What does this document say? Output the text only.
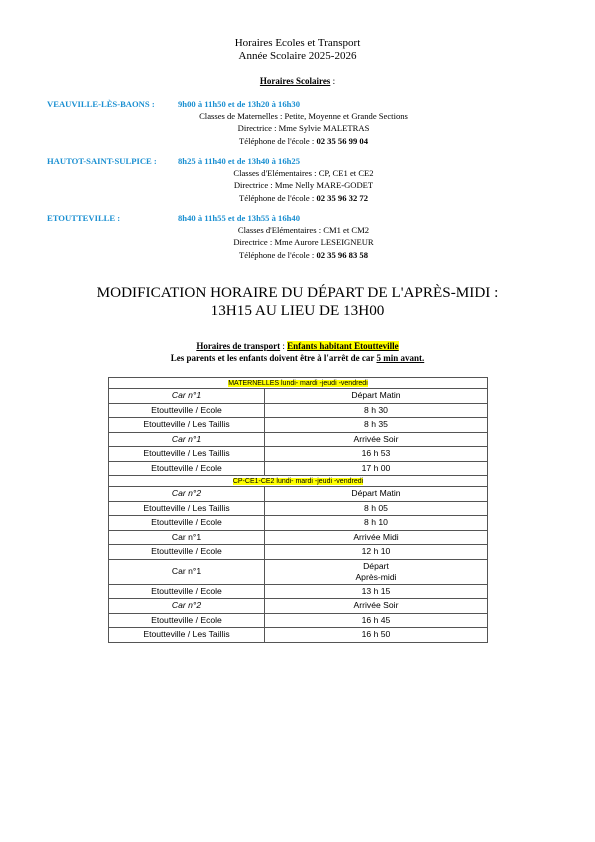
Horaires Ecoles et Transport
Année Scolaire 2025-2026
Horaires Scolaires :
VEAUVILLE-LÈS-BAONS :	9h00 à 11h50 et de 13h20 à 16h30
Classes de Maternelles : Petite, Moyenne et Grande Sections
Directrice : Mme Sylvie MALETRAS
Téléphone de l'école : 02 35 56 99 04
HAUTOT-SAINT-SULPICE : 8h25 à 11h40 et de 13h40 à 16h25
Classes d'Elémentaires : CP, CE1 et CE2
Directrice : Mme Nelly MARE-GODET
Téléphone de l'école : 02 35 96 32 72
ETOUTTEVILLE :	8h40 à 11h55 et de 13h55 à 16h40
Classes d'Elémentaires : CM1 et CM2
Directrice : Mme Aurore LESEIGNEUR
Téléphone de l'école : 02 35 96 83 58
MODIFICATION HORAIRE DU DÉPART DE L'APRÈS-MIDI :
13H15 AU LIEU DE 13H00
Horaires de transport : Enfants habitant Etoutteville
Les parents et les enfants doivent être à l'arrêt de car 5 min avant.
MATERNELLES lundi- mardi -jeudi -vendredi	
Car n°1	Départ Matin
Etoutteville / Ecole	8 h 30
Etoutteville / Les Taillis	8 h 35
Car n°1	Arrivée Soir
Etoutteville / Les Taillis	16 h 53
Etoutteville / Ecole	17 h 00
CP-CE1-CE2 lundi- mardi -jeudi -vendredi	
Car n°2	Départ Matin
Etoutteville / Les Taillis	8 h 05
Etoutteville / Ecole	8 h 10
Car n°1	Arrivée Midi
Etoutteville / Ecole	12 h 10
Car n°1	Départ
Après-midi
Etoutteville / Ecole	13 h 15
Car n°2	Arrivée Soir
Etoutteville / Ecole	16 h 45
Etoutteville / Les Taillis	16 h 50
